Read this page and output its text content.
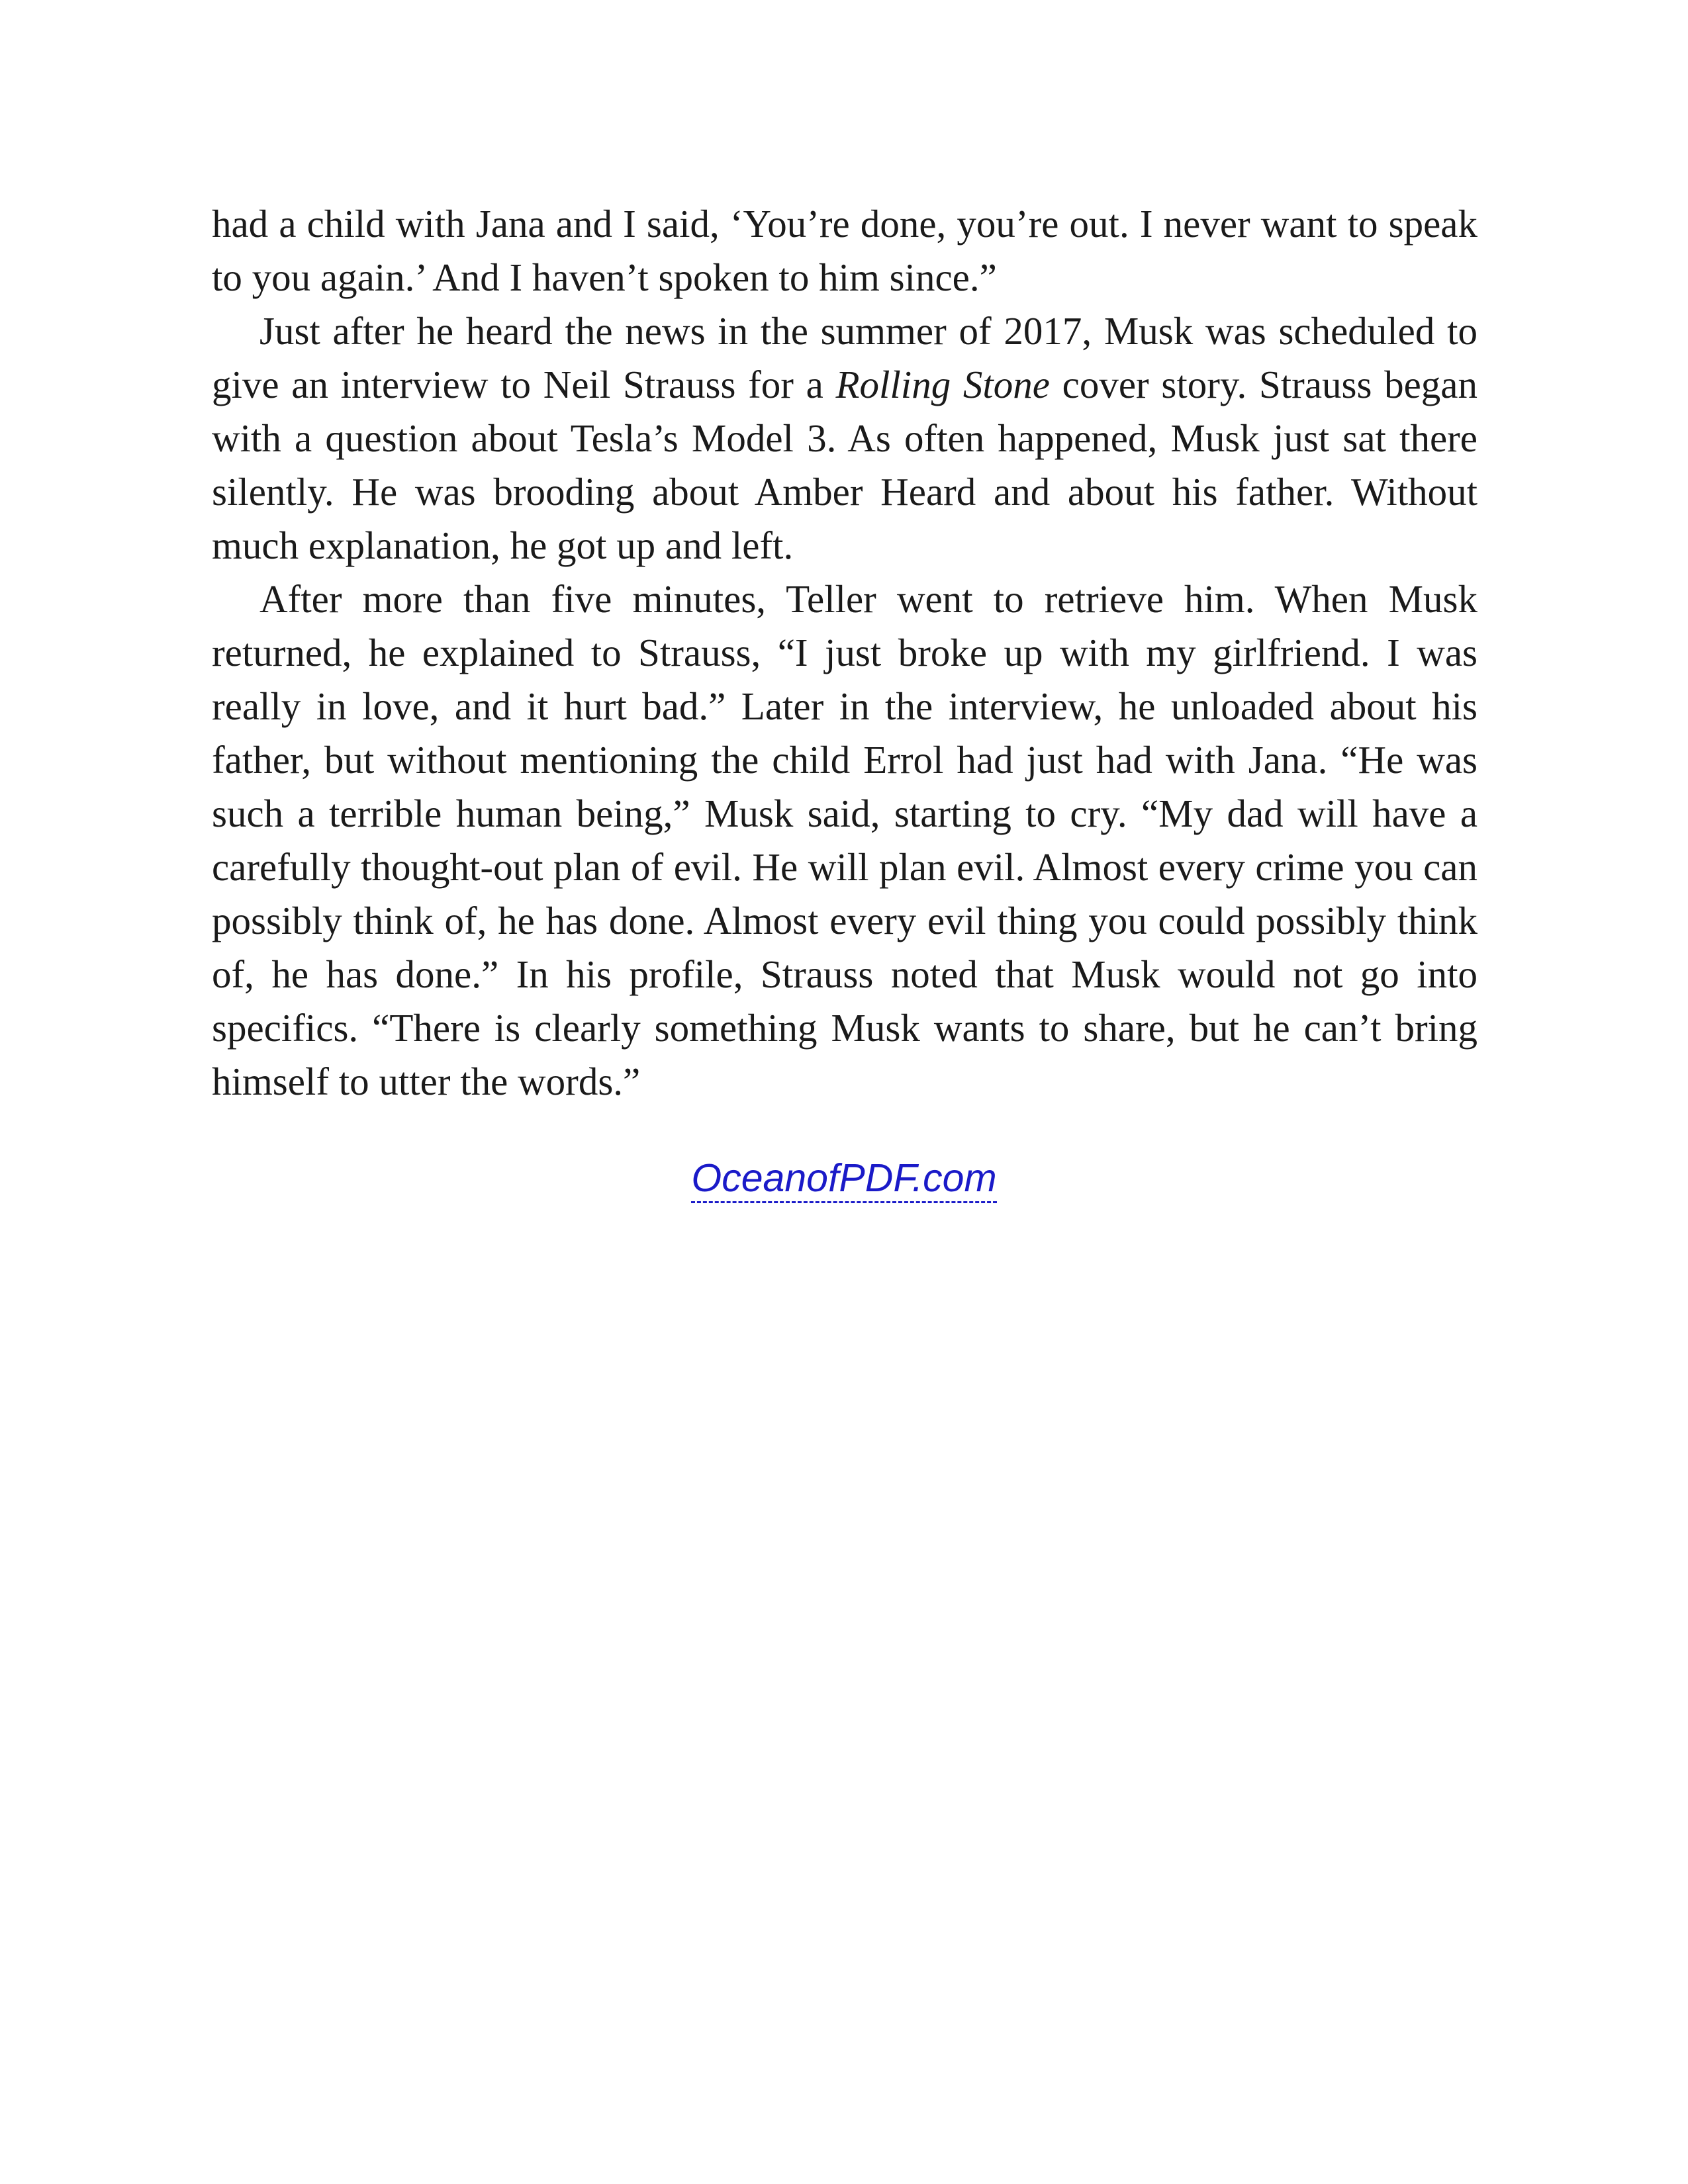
had a child with Jana and I said, ‘You’re done, you’re out. I never want to speak to you again.’ And I haven’t spoken to him since.”

Just after he heard the news in the summer of 2017, Musk was scheduled to give an interview to Neil Strauss for a Rolling Stone cover story. Strauss began with a question about Tesla’s Model 3. As often happened, Musk just sat there silently. He was brooding about Amber Heard and about his father. Without much explanation, he got up and left.

After more than five minutes, Teller went to retrieve him. When Musk returned, he explained to Strauss, “I just broke up with my girlfriend. I was really in love, and it hurt bad.” Later in the interview, he unloaded about his father, but without mentioning the child Errol had just had with Jana. “He was such a terrible human being,” Musk said, starting to cry. “My dad will have a carefully thought-out plan of evil. He will plan evil. Almost every crime you can possibly think of, he has done. Almost every evil thing you could possibly think of, he has done.” In his profile, Strauss noted that Musk would not go into specifics. “There is clearly something Musk wants to share, but he can’t bring himself to utter the words.”

OceanofPDF.com
